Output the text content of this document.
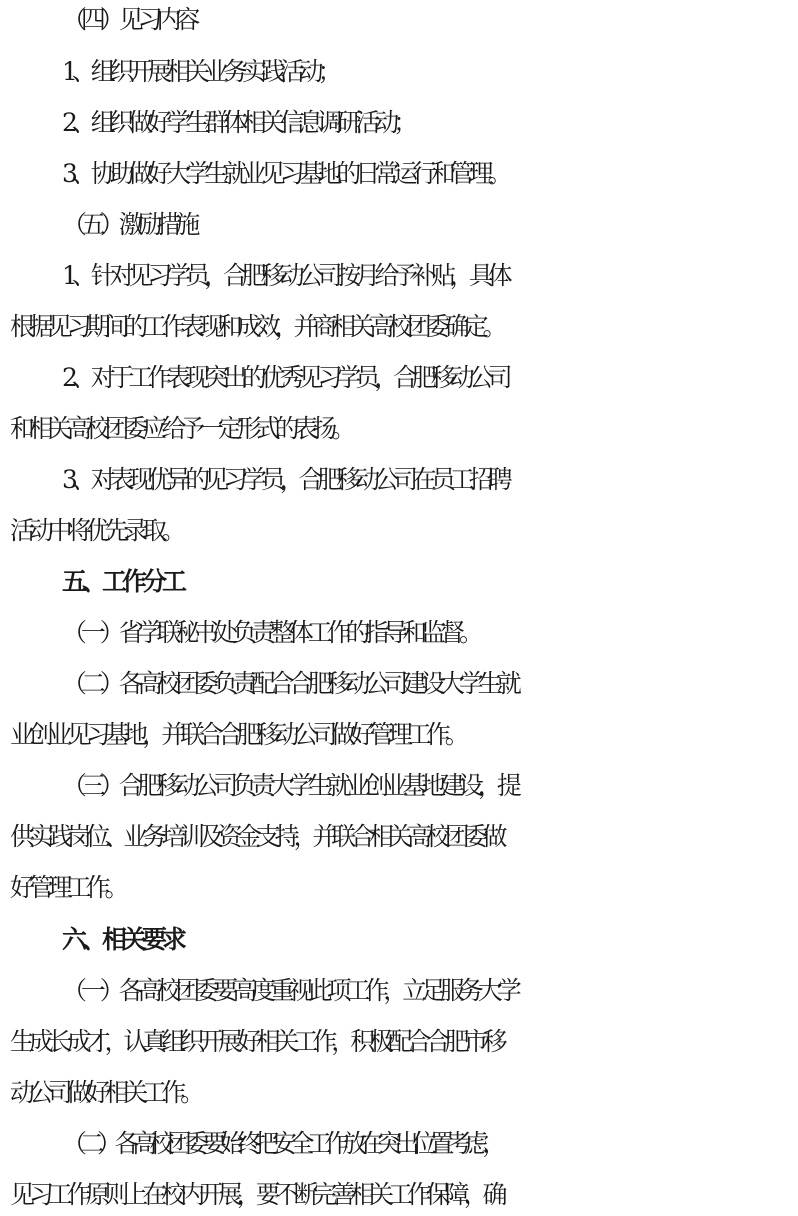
（四）见习内容
1、组织开展相关业务实践活动；
2、组织做好学生群体相关信息调研活动；
3、协助做好大学生就业见习基地的日常运行和管理。
（五）激励措施
1、针对见习学员，合肥移动公司按月给予补贴，具体
根据见习期间的工作表现和成效，并商相关高校团委确定。
2、对于工作表现突出的优秀见习学员，合肥移动公司
和相关高校团委应给予一定形式的表扬。
3、对表现优异的见习学员，合肥移动公司在员工招聘
活动中将优先录取。
五、工作分工
（一）省学联秘书处负责整体工作的指导和监督。
（二）各高校团委负责配合合肥移动公司建设大学生就
业创业见习基地，并联合合肥移动公司做好管理工作。
（三）合肥移动公司负责大学生就业创业基地建设，提
供实践岗位、业务培训及资金支持，并联合相关高校团委做
好管理工作。
六、相关要求
（一）各高校团委要高度重视此项工作，立足服务大学
生成长成才，认真组织开展好相关工作，积极配合合肥市移
动公司做好相关工作。
（二）各高校团委要始终把安全工作放在突出位置考虑，
见习工作原则上在校内开展，要不断完善相关工作保障，确
